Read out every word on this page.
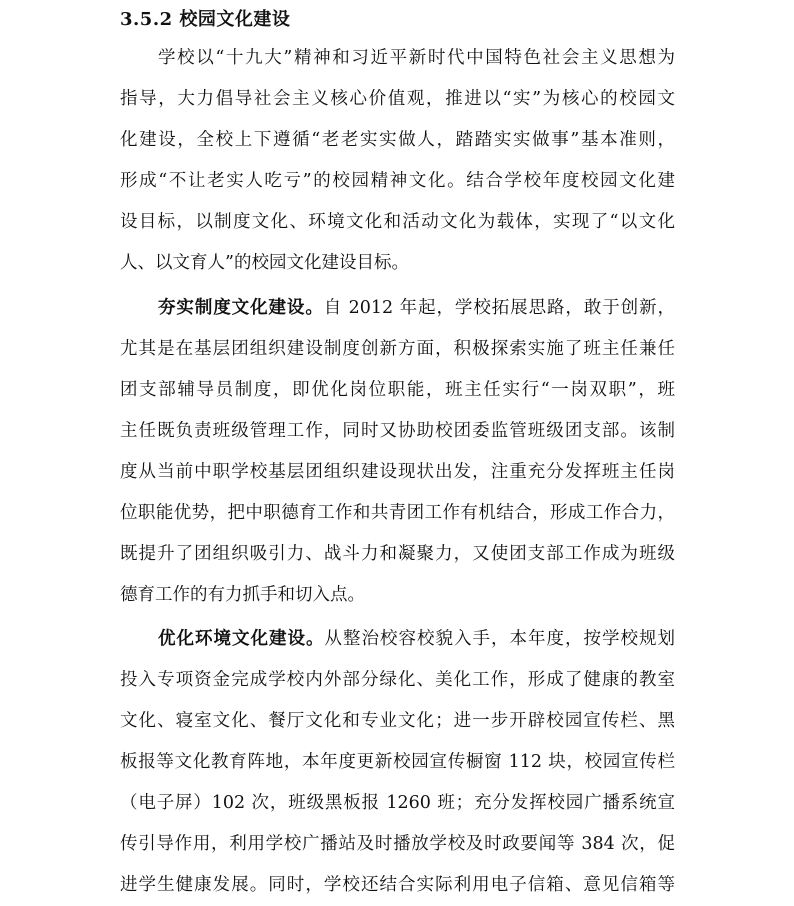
3.5.2 校园文化建设
学校以“十九大”精神和习近平新时代中国特色社会主义思想为
指导，大力倡导社会主义核心价值观，推进以“实”为核心的校园文
化建设，全校上下遵循“老老实实做人，踏踏实实做事”基本准则，
形成“不让老实人吃亏”的校园精神文化。结合学校年度校园文化建
设目标，以制度文化、环境文化和活动文化为载体，实现了“以文化
人、以文育人”的校园文化建设目标。
夯实制度文化建设。自 2012 年起，学校拓展思路，敢于创新，
尤其是在基层团组织建设制度创新方面，积极探索实施了班主任兼任
团支部辅导员制度，即优化岗位职能，班主任实行“一岗双职”，班
主任既负责班级管理工作，同时又协助校团委监管班级团支部。该制
度从当前中职学校基层团组织建设现状出发，注重充分发挥班主任岗
位职能优势，把中职德育工作和共青团工作有机结合，形成工作合力，
既提升了团组织吸引力、战斗力和凝聚力，又使团支部工作成为班级
德育工作的有力抓手和切入点。
优化环境文化建设。从整治校容校貌入手，本年度，按学校规划
投入专项资金完成学校内外部分绿化、美化工作，形成了健康的教室
文化、寝室文化、餐厅文化和专业文化；进一步开辟校园宣传栏、黑
板报等文化教育阵地，本年度更新校园宣传橱窗 112 块，校园宣传栏
（电子屏）102 次，班级黑板报 1260 班；充分发挥校园广播系统宣
传引导作用，利用学校广播站及时播放学校及时政要闻等 384 次，促
进学生健康发展。同时，学校还结合实际利用电子信箱、意见信箱等
